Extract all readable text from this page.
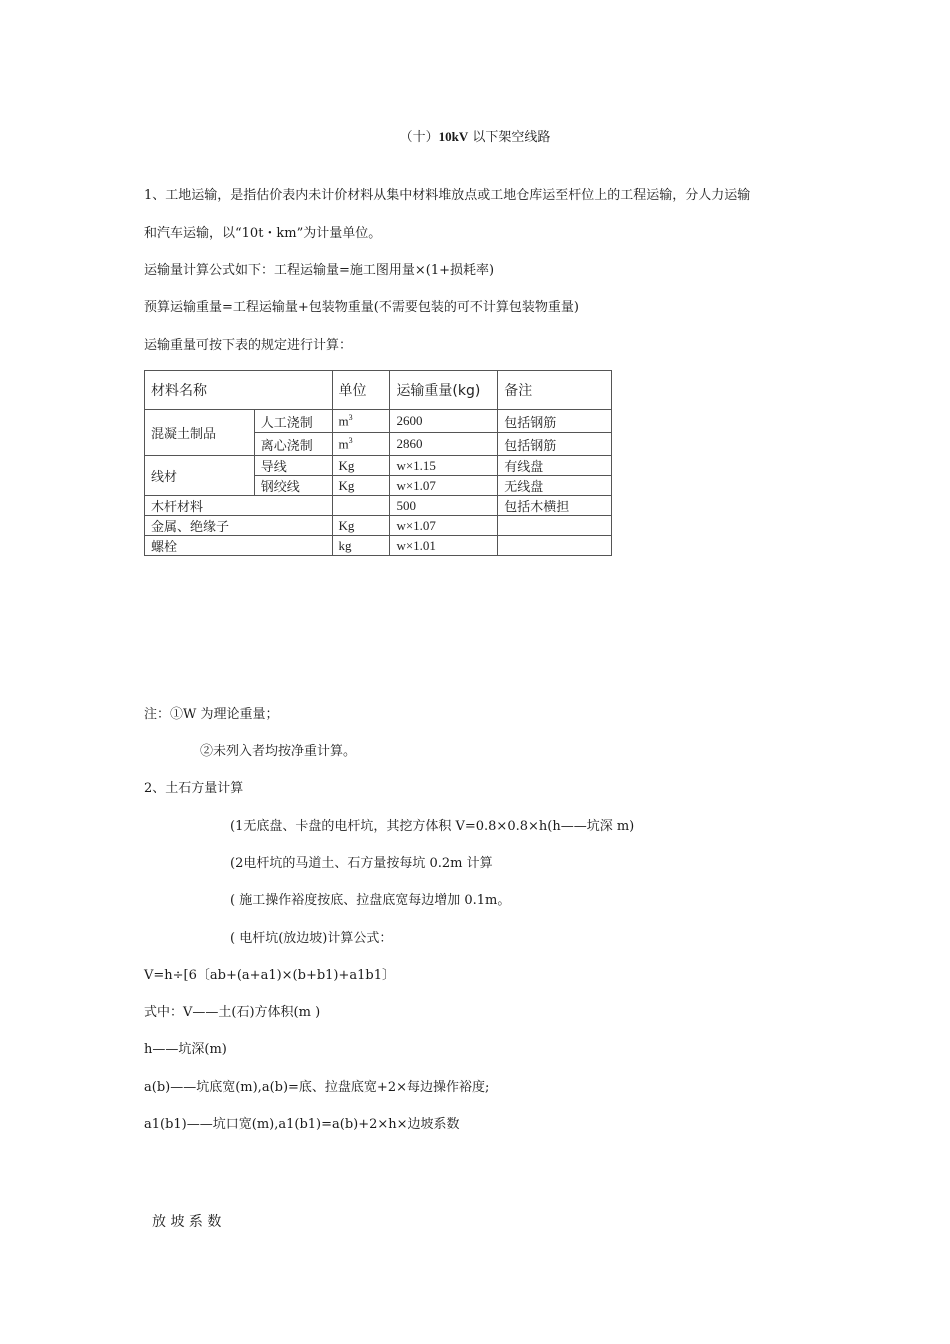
（十）10kV 以下架空线路
1、工地运输，是指估价表内未计价材料从集中材料堆放点或工地仓库运至杆位上的工程运输，分人力运输
和汽车运输，以“10t・km”为计量单位。
运输量计算公式如下：工程运输量=施工图用量×(1+损耗率)
预算运输重量=工程运输量+包装物重量(不需要包装的可不计算包装物重量)
运输重量可按下表的规定进行计算：
材料名称		单位	运输重量(kg)	备注
混凝土制品	人工浇制	$m^3$	2600	包括钢筋
	离心浇制	$m^3$	2860	包括钢筋
线材	导线	Kg	w×1.15	有线盘
	钢绞线	Kg	w×1.07	无线盘
木杆材料			500	包括木横担
金属、绝缘子		Kg	w×1.07	
螺栓		kg	w×1.01	
注：①W 为理论重量；
②未列入者均按净重计算。
2、土石方量计算
(1无底盘、卡盘的电杆坑，其挖方体积 V=0.8×0.8×h(h——坑深 m)
(2电杆坑的马道土、石方量按每坑 0.2m 计算
( 施工操作裕度按底、拉盘底宽每边增加 0.1m。
( 电杆坑(放边坡)计算公式：
V=h÷[6〔ab+(a+a1)×(b+b1)+a1b1〕
式中：V——土(石)方体积(m )
h——坑深(m)
a(b)——坑底宽(m),a(b)=底、拉盘底宽+2×每边操作裕度;
a1(b1)——坑口宽(m),a1(b1)=a(b)+2×h×边坡系数
放 坡 系 数
